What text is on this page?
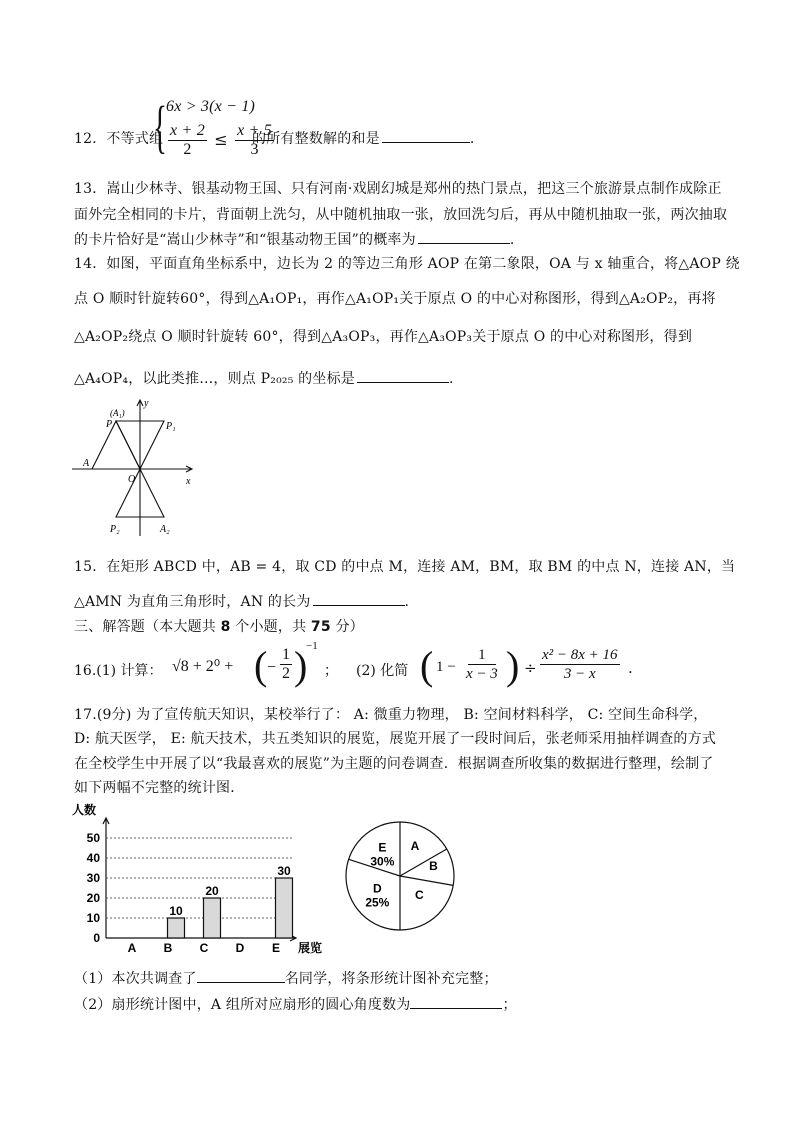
12．不等式组
{
6x > 3(x − 1)
$\frac{x + 2}{2} \le \frac{x + 5}{3}$
的所有整数解的和是	.
13．嵩山少林寺、银基动物王国、只有河南·戏剧幻城是郑州的热门景点，把这三个旅游景点制作成除正
面外完全相同的卡片，背面朝上洗匀，从中随机抽取一张，放回洗匀后，再从中随机抽取一张，两次抽取
的卡片恰好是“嵩山少林寺”和“银基动物王国”的概率为	.
14．如图，平面直角坐标系中，边长为 2 的等边三角形 AOP 在第二象限，OA 与 x 轴重合，将△AOP 绕
点 O 顺时针旋转60°，得到△A₁OP₁，再作△A₁OP₁关于原点 O 的中心对称图形，得到△A₂OP₂，再将
△A₂OP₂绕点 O 顺时针旋转 60°，得到△A₃OP₃，再作△A₃OP₃关于原点 O 的中心对称图形，得到
△A₄OP₄，以此类推…，则点 P₂₀₂₅ 的坐标是	.
y
x
P
(A₁)
P₁
A
O
P₂	A₂
15．在矩形 ABCD 中，AB = 4，取 CD 的中点 M，连接 AM，BM，取 BM 的中点 N，连接 AN，当
△AMN 为直角三角形时，AN 的长为	.
三、解答题（本大题共 8 个小题，共 75 分）
16.(1) 计算： √8 + 2⁰ + ( − $\frac{1}{2}$ )
−1
； (2) 化简 ( $1 - \frac{1}{x - 3}$ ) ÷ $\frac{\text{x² − 8x + 16}}{3 - x}$ .
17.(9分) 为了宣传航天知识，某校举行了： A: 微重力物理， B: 空间材料科学， C: 空间生命科学，
D: 航天医学， E: 航天技术，共五类知识的展览，展览开展了一段时间后，张老师采用抽样调查的方式
在全校学生中开展了以“我最喜欢的展览”为主题的问卷调查．根据调查所收集的数据进行整理，绘制了
如下两幅不完整的统计图．
人数
0
10
20
30
40
50
A B
10
C
20
D E
30
展览
A
B
C
D
25%
E
30%
（1）本次共调查了	名同学，将条形统计图补充完整；
（2）扇形统计图中，A 组所对应扇形的圆心角度数为	；
